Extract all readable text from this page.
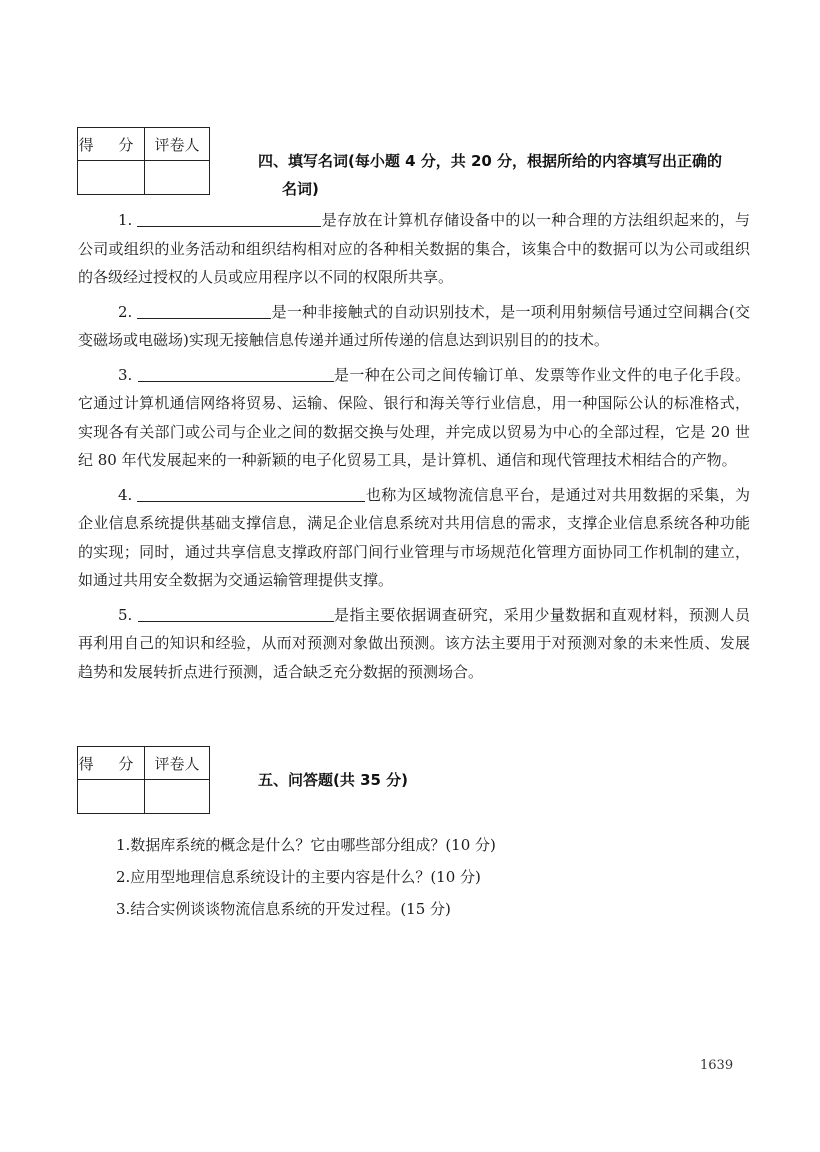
得 分	评卷人

四、填写名词(每小题 4 分，共 20 分，根据所给的内容填写出正确的
名词)

1.	是存放在计算机存储设备中的以一种合理的方法组织起来的，与公司或组织的业务活动和组织结构相对应的各种相关数据的集合，该集合中的数据可以为公司或组织的各级经过授权的人员或应用程序以不同的权限所共享。

2.	是一种非接触式的自动识别技术，是一项利用射频信号通过空间耦合(交变磁场或电磁场)实现无接触信息传递并通过所传递的信息达到识别目的的技术。

3.	是一种在公司之间传输订单、发票等作业文件的电子化手段。它通过计算机通信网络将贸易、运输、保险、银行和海关等行业信息，用一种国际公认的标准格式，实现各有关部门或公司与企业之间的数据交换与处理，并完成以贸易为中心的全部过程，它是 20 世纪 80 年代发展起来的一种新颖的电子化贸易工具，是计算机、通信和现代管理技术相结合的产物。

4.	也称为区域物流信息平台，是通过对共用数据的采集，为企业信息系统提供基础支撑信息，满足企业信息系统对共用信息的需求，支撑企业信息系统各种功能的实现；同时，通过共享信息支撑政府部门间行业管理与市场规范化管理方面协同工作机制的建立，如通过共用安全数据为交通运输管理提供支撑。

5.	是指主要依据调查研究，采用少量数据和直观材料，预测人员再利用自己的知识和经验，从而对预测对象做出预测。该方法主要用于对预测对象的未来性质、发展趋势和发展转折点进行预测，适合缺乏充分数据的预测场合。

得 分	评卷人

五、问答题(共 35 分)
1.数据库系统的概念是什么？它由哪些部分组成？(10 分)
2.应用型地理信息系统设计的主要内容是什么？(10 分)
3.结合实例谈谈物流信息系统的开发过程。(15 分)
1639
